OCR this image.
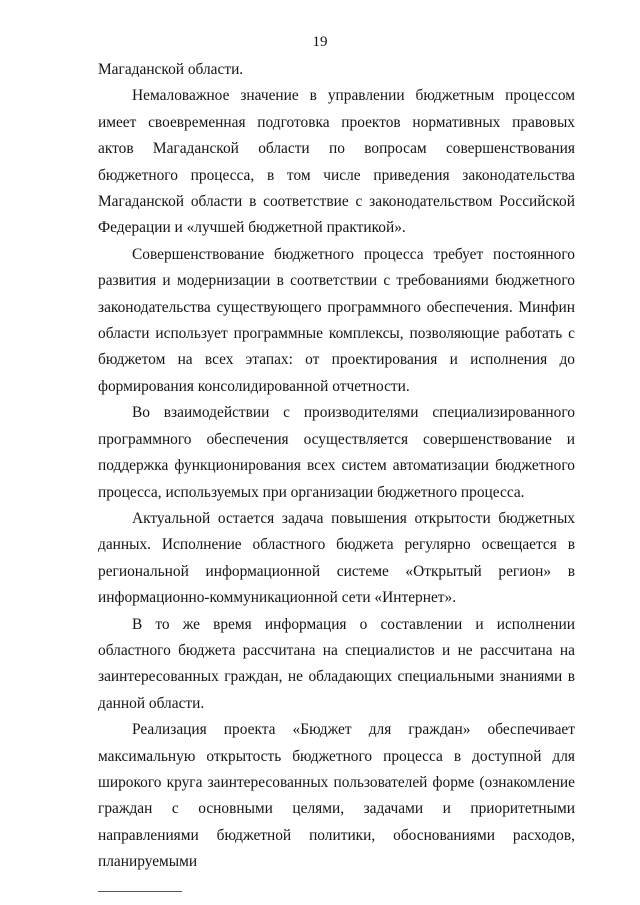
19

Магаданской области.

Немаловажное значение в управлении бюджетным процессом имеет своевременная подготовка проектов нормативных правовых актов Магаданской области по вопросам совершенствования бюджетного процесса, в том числе приведения законодательства Магаданской области в соответствие с законодательством Российской Федерации и «лучшей бюджетной практикой».

Совершенствование бюджетного процесса требует постоянного развития и модернизации в соответствии с требованиями бюджетного законодательства существующего программного обеспечения. Минфин области использует программные комплексы, позволяющие работать с бюджетом на всех этапах: от проектирования и исполнения до формирования консолидированной отчетности.

Во взаимодействии с производителями специализированного программного обеспечения осуществляется совершенствование и поддержка функционирования всех систем автоматизации бюджетного процесса, используемых при организации бюджетного процесса.

Актуальной остается задача повышения открытости бюджетных данных. Исполнение областного бюджета регулярно освещается в региональной информационной системе «Открытый регион» в информационно-коммуникационной сети «Интернет».

В то же время информация о составлении и исполнении областного бюджета рассчитана на специалистов и не рассчитана на заинтересованных граждан, не обладающих специальными знаниями в данной области.

Реализация проекта «Бюджет для граждан» обеспечивает максимальную открытость бюджетного процесса в доступной для широкого круга заинтересованных пользователей форме (ознакомление граждан с основными целями, задачами и приоритетными направлениями бюджетной политики, обоснованиями расходов, планируемыми
